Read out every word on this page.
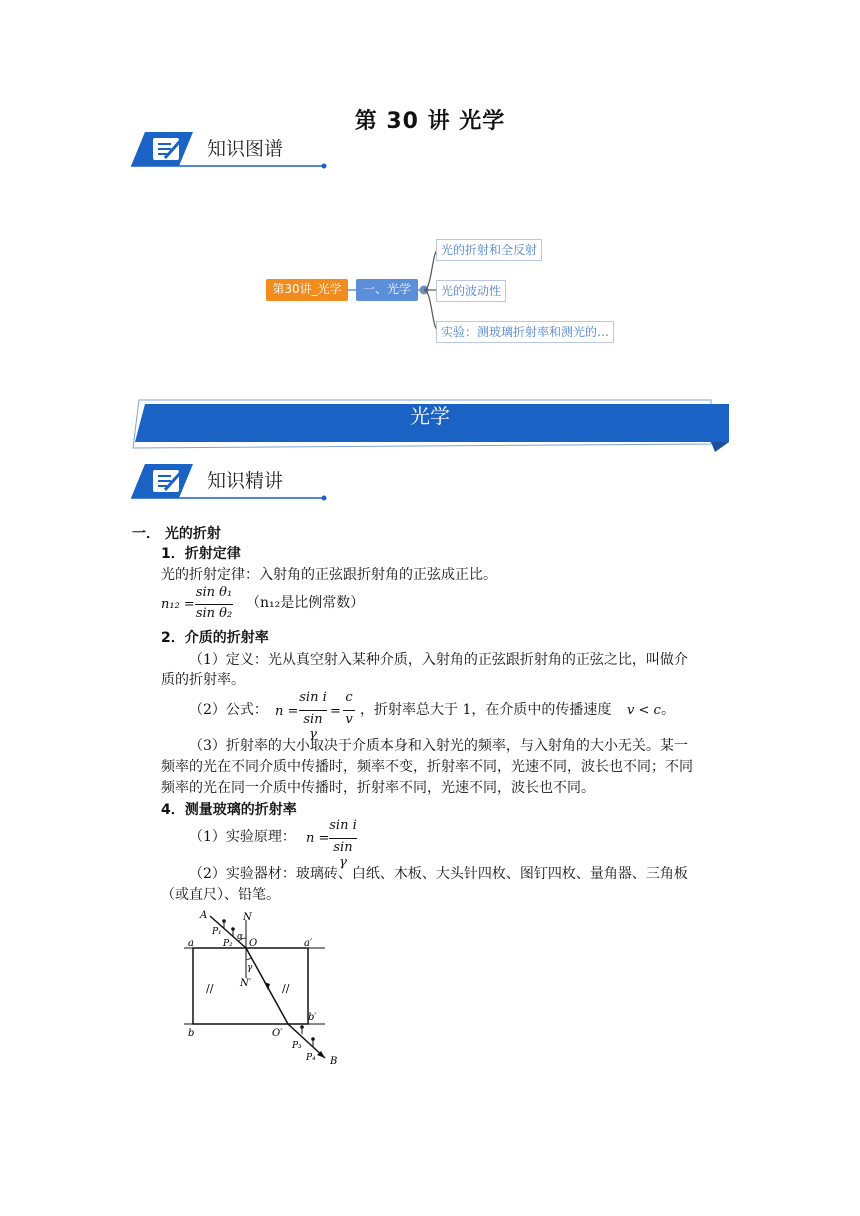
第 30 讲 光学
知识图谱
第30讲_光学	一、光学
光的折射和全反射
光的波动性
实验：测玻璃折射率和测光的…
光学
知识精讲
一． 光的折射
1．折射定律
光的折射定律：入射角的正弦跟折射角的正弦成正比。
n₁₂ =
sin θ₁
sin θ₂
（n₁₂是比例常数）
2．介质的折射率
（1）定义：光从真空射入某种介质，入射角的正弦跟折射角的正弦之比，叫做介
质的折射率。
（2）公式： n =
sin i
sin γ
=
c
v
，折射率总大于 1，在介质中的传播速度 v < c 。
（3）折射率的大小取决于介质本身和入射光的频率，与入射角的大小无关。某一
频率的光在不同介质中传播时，频率不变，折射率不同，光速不同，波长也不同；不同
频率的光在同一介质中传播时，折射率不同，光速不同，波长也不同。
4．测量玻璃的折射率
（1）实验原理： n =
sin i
sin γ
（2）实验器材：玻璃砖、白纸、木板、大头针四枚、图钉四枚、量角器、三角板
（或直尺）、铅笔。
A	N
P₁
P₂
α
O
a	a′
γ
N′
b
b′
O′
P₃
P₄ B
//	//
